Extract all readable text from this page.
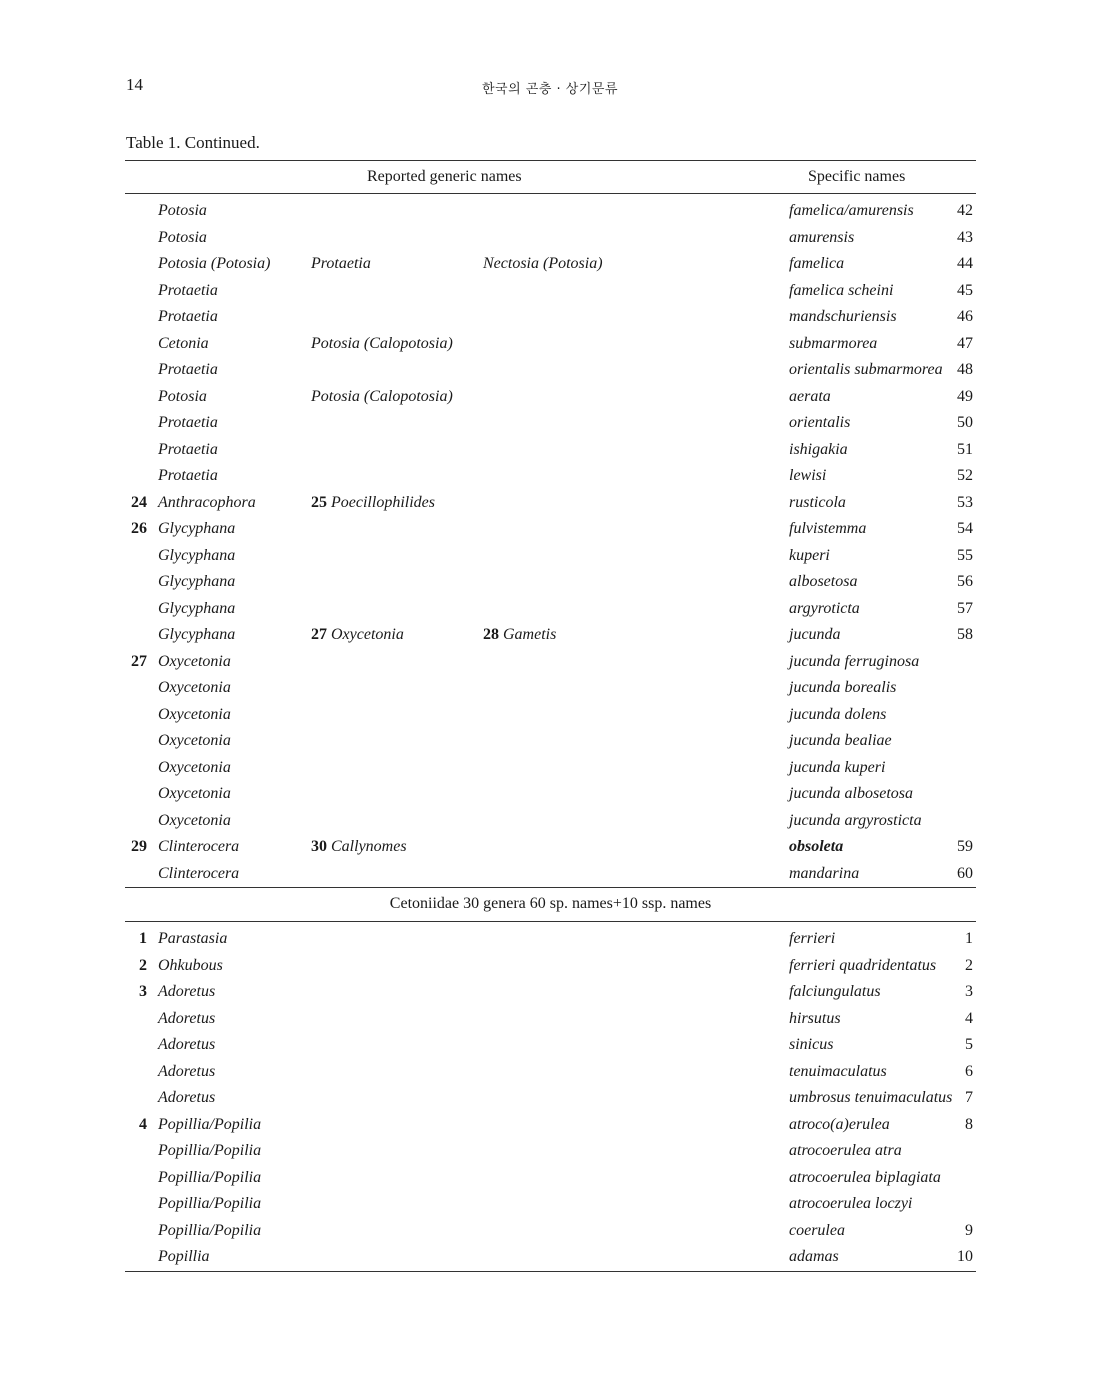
14	한국의 곤충 · 상기문류
Table 1. Continued.
Reported generic names	Specific names
Potosia	famelica/amurensis	42
Potosia	amurensis	43
Potosia (Potosia)	Protaetia	Nectosia (Potosia)	famelica	44
Protaetia	famelica scheini	45
Protaetia	mandschuriensis	46
Cetonia	Potosia (Calopotosia)	submarmorea	47
Protaetia	orientalis submarmorea 48
Potosia	Potosia (Calopotosia)	aerata	49
Protaetia	orientalis	50
Protaetia	ishigakia	51
Protaetia	lewisi	52
24 Anthracophora	25 Poecillophilides	rusticola	53
26 Glycyphana	fulvistemma	54
Glycyphana	kuperi	55
Glycyphana	albosetosa	56
Glycyphana	argyroticta	57
Glycyphana	27 Oxycetonia	28 Gametis	jucunda	58
27 Oxycetonia	jucunda ferruginosa
Oxycetonia	jucunda borealis
Oxycetonia	jucunda dolens
Oxycetonia	jucunda bealiae
Oxycetonia	jucunda kuperi
Oxycetonia	jucunda albosetosa
Oxycetonia	jucunda argyrosticta
29 Clinterocera	30 Callynomes	obsoleta	59
Clinterocera	mandarina	60
Cetoniidae 30 genera 60 sp. names+10 ssp. names
1 Parastasia	ferrieri	1
2 Ohkubous	ferrieri quadridentatus 2
3 Adoretus	falciungulatus	3
Adoretus	hirsutus	4
Adoretus	sinicus	5
Adoretus	tenuimaculatus	6
Adoretus	umbrosus tenuimaculatus 7
4 Popillia/Popilia	atroco(a)erulea	8
Popillia/Popilia	atrocoerulea atra
Popillia/Popilia	atrocoerulea biplagiata
Popillia/Popilia	atrocoerulea loczyi
Popillia/Popilia	coerulea	9
Popillia	adamas	10
